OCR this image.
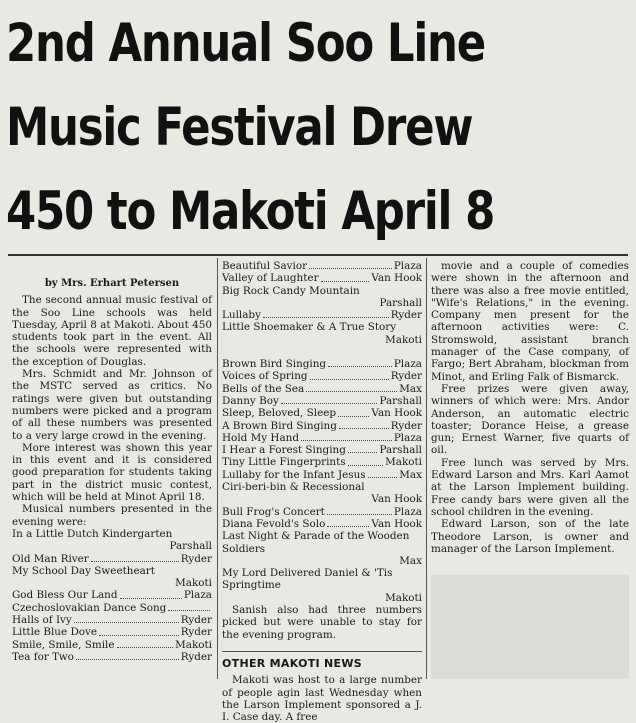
2nd Annual Soo Line
Music Festival Drew
450 to Makoti April 8
by Mrs. Erhart Petersen

The second annual music festival of the Soo Line schools was held Tuesday, April 8 at Makoti. About 450 students took part in the event. All the schools were represented with the exception of Douglas.

Mrs. Schmidt and Mr. Johnson of the MSTC served as critics. No ratings were given but outstanding numbers were picked and a program of all these numbers was presented to a very large crowd in the evening.

More interest was shown this year in this event and it is considered good preparation for students taking part in the district music contest, which will be held at Minot April 18.

Musical numbers presented in the evening were:

In a Little Dutch Kindergarten
Parshall
Old Man River	Ryder
My School Day Sweetheart
Makoti
God Bless Our Land	Plaza
Czechoslovakian Dance Song
Halls of Ivy	Ryder
Little Blue Dove	Ryder
Smile, Smile, Smile	Makoti
Tea for Two	Ryder
Beautiful Savior	Plaza
Valley of Laughter	Van Hook
Big Rock Candy Mountain
Parshall
Lullaby	Ryder
Little Shoemaker & A True Story
Makoti
Brown Bird Singing	Plaza
Voices of Spring	Ryder
Bells of the Sea	Max
Danny Boy	Parshall
Sleep, Beloved, Sleep	Van Hook
A Brown Bird Singing	Ryder
Hold My Hand	Plaza
I Hear a Forest Singing	Parshall
Tiny Little Fingerprints	Makoti
Lullaby for the Infant Jesus	Max
Ciri-beri-bin & Recessional
Van Hook
Bull Frog's Concert	Plaza
Diana Fevold's Solo	Van Hook
Last Night & Parade of the Wooden Soldiers
Max
My Lord Delivered Daniel & 'Tis Springtime
Makoti

Sanish also had three numbers picked but were unable to stay for the evening program.

OTHER MAKOTI NEWS

Makoti was host to a large number of people agin last Wednesday when the Larson Implement sponsored a J. I. Case day. A free

movie and a couple of comedies were shown in the afternoon and there was also a free movie entitled, "Wife's Relations," in the evening. Company men present for the afternoon activities were: C. Stromswold, assistant branch manager of the Case company, of Fargo; Bert Abraham, blockman from Minot, and Erling Falk of Bismarck.

Free prizes were given away, winners of which were: Mrs. Andor Anderson, an automatic electric toaster; Dorance Heise, a grease gun; Ernest Warner, five quarts of oil.

Free lunch was served by Mrs. Edward Larson and Mrs. Karl Aamot at the Larson Implement building. Free candy bars were given all the school children in the evening.

Edward Larson, son of the late Theodore Larson, is owner and manager of the Larson Implement.
